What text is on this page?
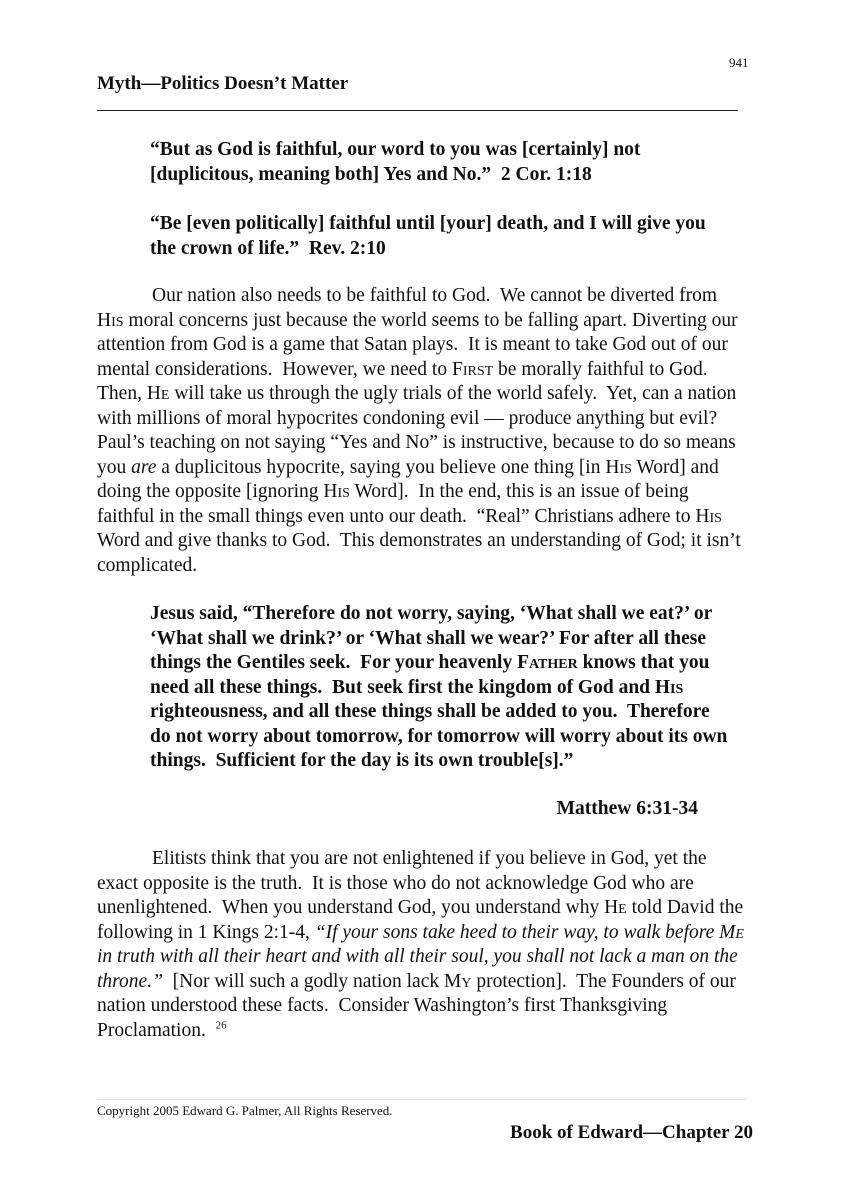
941
Myth—Politics Doesn’t Matter
“But as God is faithful, our word to you was [certainly] not [duplicitous, meaning both] Yes and No.”  2 Cor. 1:18
“Be [even politically] faithful until [your] death, and I will give you the crown of life.”  Rev. 2:10
Our nation also needs to be faithful to God.  We cannot be diverted from His moral concerns just because the world seems to be falling apart. Diverting our attention from God is a game that Satan plays.  It is meant to take God out of our mental considerations.  However, we need to First be morally faithful to God.  Then, He will take us through the ugly trials of the world safely.  Yet, can a nation with millions of moral hypocrites condoning evil — produce anything but evil?  Paul’s teaching on not saying “Yes and No” is instructive, because to do so means you are a duplicitous hypocrite, saying you believe one thing [in His Word] and doing the opposite [ignoring His Word].  In the end, this is an issue of being faithful in the small things even unto our death.  “Real” Christians adhere to His Word and give thanks to God.  This demonstrates an understanding of God; it isn’t complicated.
Jesus said, “Therefore do not worry, saying, ‘What shall we eat?’ or ‘What shall we drink?’ or ‘What shall we wear?’ For after all these things the Gentiles seek.  For your heavenly Father knows that you need all these things.  But seek first the kingdom of God and His righteousness, and all these things shall be added to you.  Therefore do not worry about tomorrow, for tomorrow will worry about its own things.  Sufficient for the day is its own trouble[s].”
Matthew 6:31-34
Elitists think that you are not enlightened if you believe in God, yet the exact opposite is the truth.  It is those who do not acknowledge God who are unenlightened.  When you understand God, you understand why He told David the following in 1 Kings 2:1-4, “If your sons take heed to their way, to walk before Me in truth with all their heart and with all their soul, you shall not lack a man on the throne.”  [Nor will such a godly nation lack My protection].  The Founders of our nation understood these facts.  Consider Washington’s first Thanksgiving Proclamation.  $^{26}$
Copyright 2005 Edward G. Palmer, All Rights Reserved.
Book of Edward—Chapter 20
